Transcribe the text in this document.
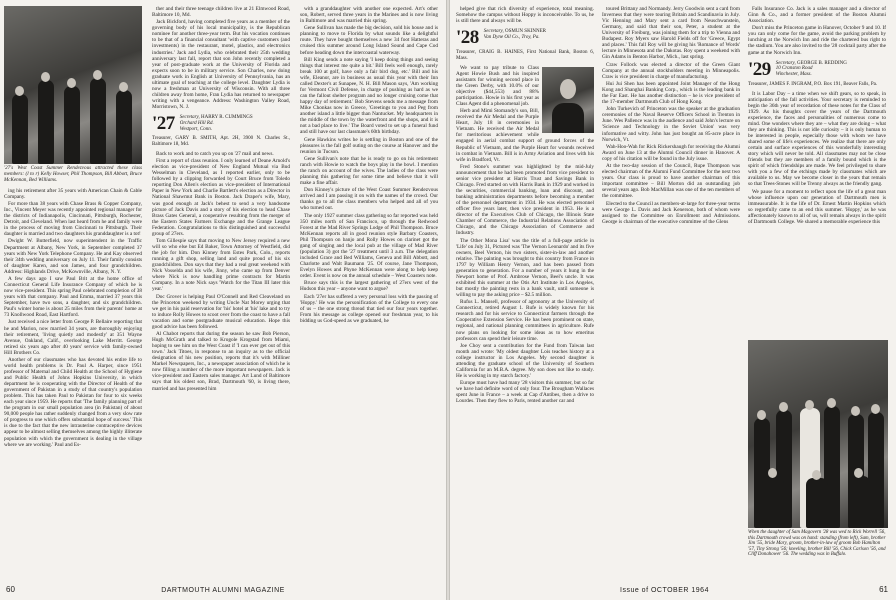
'27's West Coast Summer Rendezvous attracted these class members: (l to r) Kelly Howser, Phil Thompson, Bill Abbott, Bruce McKennan, Bed Williams.

ing his retirement after 35 years with American Chain & Cable Company.

For more than 38 years with Chase Brass & Copper Company, Inc., Vincent Meyer was recently appointed regional manager for the districts of Indianapolis, Cincinnati, Pittsburgh, Rochester, Detroit, and Cleveland. When last heard from he and family were in the process of moving from Cincinnati to Pittsburgh. Their daughter is married and two daughters his granddaughter is a tot!

Dwight W. Butterfield, now superintendent in the Traffic Department at Albany, New York, in September completed 37 years with New York Telephone Company. He and Kay observed their 34th wedding anniversary on July 11. Their family consists of daughter Karen, and son James, and four grandchildren. Address: Highlands Drive, McKownville, Albany, N. Y.

A few days ago I saw Paul Brit at the home office of Connecticut General Life Insurance Company of which he is now vice-president. This spring Paul celebrated completion of 38 years with that company. Paul and Emma, married 37 years this September, have two sons, a daughter, and six grandchildren. Paul's winter home is about 25 miles from their parents' home at 73 Knollwood Road, East Hartford.

Just received a nice letter from George P. Bellaire reporting that he and Marion, now married 34 years, are thoroughly enjoying their retirement, 'living quietly and modestly' at 351 Wayne Avenue, Oakland, Calif., overlooking Lake Merritt. George retired six years ago after 40 years' service with family-owned Hill Brothers Co.

Another of our classmates who has devoted his entire life to world health problems is Dr. Paul A. Harper, since 1951 professor of Maternal and Child Health at the School of Hygiene and Public Health of Johns Hopkins University, in which department he is cooperating with the Director of Health of the government of Pakistan in a study of that country's population problem. This has taken Paul to Pakistan for four to six weeks each year since 1959. He reports that 'The family planning part of the program in our small population area (in Pakistan) of about 90,000 people has rather suddenly changed from a very slow rate of progress to one which offers substantial hope of success.' This is due to the fact that the new intrauterine contraceptive devices appear to be almost selling themselves among the highly illiterate population with which the government is dealing in the village where we are working.' Paul and Es-

ther and their three teenage children live at 21 Elmwood Road, Baltimore 10, Md.

Jack Bickford, having completed five years as a member of the governing body of his local municipality, is the Republican nominee for another three-year term. But his vocation continues to be that of a financial consultant 'with captive customers (and investments) in the restaurant, motel, plastics, and electronics industries.' Jack and Lydia, who celebrated their 25th wedding anniversary last fall, report that son John recently completed a year of post-graduate work at the University of Florida and expects soon to be in military service. Son Charles, now doing graduate work in English at University of Pennsylvania, has an ultimate goal of teaching at the college level. Daughter Lydia is now a freshman at University of Wisconsin. With all three children away from home, Fran Lydia has returned to newspaper writing with a vengeance. Address: Washington Valley Road, Morristown, N. J.

'27 Secretary, HARRY R. CUMMINGS
Orchard Hill Rd.
Westport, Conn.
Treasurer, GARY B. SMITH, Apt. 2H, 3900 N. Charles St., Baltimore 18, Md.

Back to work and to catch you up on '27 mail and news.

First a report of class reunion. I only learned of Deane Arnold's election as vice-president of New England Mutual via Bud Wesselman in Cleveland, as I reported earlier, only to be followed by a clipping forwarded by Court Bruce from Toledo reporting Don Allen's election as vice-president of International Paper in New York and Charlie Bartlett's election as a Director in National Shawmut Bank in Boston. Jack Draper's wife, Mary, was good enough at Jack's behest to send a very handsome picture of Jack Davis and a story of his election to head Chase Brass Gates General, a cooperative resulting from the merger of the Eastern States Farmers Exchange and the Grange League Federation. Congratulations to this distinguished and successful group of 27ers.

Tom Gillespie says that moving to New Jersey required a new will so who else but Ed Baker, Town Attorney of Westfield, did the job for him. Don Kinney from Estes Park, Colo., reports running a gift shop, selling land and quite proud of his six grandchildren. Don says that they had a real great weekend with Nick Vosselda and his wife, Jinny, who came up from Denver where Nick is now handling prime contracts for Martin Company. In a note Nick says 'Watch for the Titan III later this year.'

Doc Grover is helping Paul O'Connell and Red Cleaveland on the Princeton weekend by writing Uncle Nat Morey urging that we get in his paid reservation for 'his' hotel at 'his' lake and to try to induce Rolly Howes to scoot over from the coast to have a fall vacation and some postgraduate musical education. Hope this good advice has been followed.

Al Chabot reports that during the season he saw Bob Pierson, Hugh McGrath and talked to Krogole Krogstad from Miami, hoping to see him on the West Coast if 'I can ever get out of this town.' Jack Titoes, in response to an inquiry as to the official designation of his new position, reports that it's with Milliner Markel Newspapers, Inc., a newspaper association of which he is now filling a number of the more important newspapers. Jack is vice-president and Eastern sales manager. Art Lund of Baltimore says that his oldest son, Brad, Dartmouth '60, is living there, married and has presented him

with a granddaughter with another one expected. Art's other son, Robert, served three years in the Marines and is now living in Baltimore and was married this spring.

Gene Sullivan has made the big decision, sold his house and is planning to move to Florida by what sounds like a delightful route. They have bought themselves a new 34 foot Hatteras and cruised this summer around Long Island Sound and Cape Cod before heading down the intercoastal waterway.

Bill King sends a note saying 'I keep doing things and seeing things that interest me quite a bit.' Bill feels well enough, rarely break 100 at golf, have only a fair bird dog, etc.' Bill and his wife, Eleanor, are in business as usual this year with their Inn called Dexter's at Sunapee, N. H. Bill Mason says, 'Am working for Vermont Civil Defense, in charge of pushing as hard as we can the fallout shelter program and no longer cruising come that happy day of retirement.' Bob Stevens sends me a message from Mike Chonkas now in Greece, 'Greetings to you and Peg from another island a little bigger than Nantucket. My headquarters in the middle of the town by the waterfront and the shops, and it is not a bad place to live.' The Board voted to set up a funeral fund and still have our last classmate's 60th birthday.

Gene Hawkins writes he is settling in Boston and one of the pleasures is the fall golf outing on the course at Hanover and the reunion in Tucson.

Gene Sullivan's note that he is ready to go on his retirement ranch with Howie to watch the boys play in the bowl. I mention the ranch on account of the wives. The ladies of the class were planning this gathering for some time and believe that it will make a fine affair.

Don Kinney's picture of the West Coast Summer Rendezvous arrived and I am passing it on with the names of the crowd. Our thanks go to all the class members who helped and all of you who turned out.

The only 1927 summer class gathering so far reported was held 350 miles north of San Francisco, up through the Redwood Forest at the Mad River Springs Lodge of Phil Thompson. Bruce McKennan reports all in good reunion style Barbary Coasters, Phil Thompson on banjo and Rolly Howes on clarinet got the gang of singing and the local pub at the village of Mad River (population 3) got the '27 treatment until 3 a.m. The delegation included Grace and Bed Williams, Geneva and Bill Abbott, and Charlotte and Walt Baumann '25. Of course, Jane Thompson, Evelyn Howes and Phyne McKennan were along to help keep order. Event is now on the annual schedule – West Coasters note.

Bruce says this is the largest gathering of 27ers west of the Hudson this year – anyone want to argue?

Each '27er has suffered a very personal loss with the passing of 'Hoppy.' He was the personification of the College to every one of us – the one strong thread that tied our four years together. From his message as college opened our freshman year, to his bidding us God-speed as we graduated, he

60	DARTMOUTH ALUMNI MAGAZINE

helped give that rich diversity of experience, total meaning. Somehow the campus without Hoppy is inconceivable. To us, he is still there and always will be.

'28 Secretary, OSMUN SKINNER
Van Dyne Oil Co., Troy, Pa.
Treasurer, CRAIG B. HAINES, First National Bank, Boston 6, Mass.

We want to pay tribute to Class Agent Howie Bush and his inspired assistants for winning second place in the Green Derby, with 10.0% of our objective ($44,553) and 88% participation. Howie in his first year as Class Agent did a phenomenal job.

Herb and Mimi Stomandy's son, Bill, received the Air Medal and the Purple Heart, July 18 in ceremonies in Vietnam. He received the Air Medal for meritorious achievement while engaged in aerial combat support of ground forces of the Republic of Vietnam, and the Purple Heart for wounds received in combat in Vietnam. Bill is in Army Aviation and lives with his wife in Bradford, Vt.

Fred Stone's summer was highlighted by the mid-July announcement that he had been promoted from vice president to senior vice president at Harris Trust and Savings Bank in Chicago. Fred started on with Harris Bank in 1929 and worked in the securities, commercial banking, loan and discount, and banking administration departments before becoming a member of the personnel department in 1934. He was elected personnel officer five years later, then vice president in 1953. He is a director of the Executives Club of Chicago, the Illinois State Chamber of Commerce, the Industrial Relations Association of Chicago, and the Chicago Association of Commerce and Industry.

The Other Mona Lisa' was the title of a full-page article in 'Life' on July 31, Pictured was 'The Vernon Leonardo' and its five owners, Beel Vernon, his two sisters, sister-in-law and another relative. The painting was brought to this country from France in 1797 by William Henry Vernon, and has been passed from generation to generation. For a number of years it hung in the Newport home of Prof. Ambrose Vernon, Beel's uncle. It was exhibited this summer at the Otis Art Institute in Los Angeles, but mostly the painting rests in a bank vault, until someone is willing to pay the asking price – $2.5 million.

Rufus L. Mansell, professor of agronomy at the University of Connecticut, retired August 1. Rufe is widely known for his research and for his service to Connecticut farmers through the Cooperative Extension Service. He has been prominent on state, regional, and national planning committees in agriculture. Rufe now plans on looking for some ideas as to how emeritus professors can spend their leisure time.

Joe Choy sent a contribution for the Fund from Taiwan last month and wrote: 'My oldest daughter Lois teaches history at a college instructor in Los Angeles. My second daughter is attending the graduate school of the University of Southern California for an M.B.A. degree. My son does not like to study. He is working in my starch factory.'

Europe must have had many '28 visitors this summer, but so far we have had definite word of only four. The Brougham Wallaces spent June in France – a week at Cap d'Antibes, then a drive to Lourdes. Then they flew to Paris, rented another car and

toured Brittany and Normandy. Jerry Goodwin sent a card from Inverness that they were touring Britain and Scandinavia in July. Vic Henning and Mary sent a card from Neuschwanstein, Germany, and said that their son, Peter, a student at the University of Freiburg, was joining them for a trip to Vienna and Budapest. Roy Myers saw Harold Fields off for 'Greece, Egypt and places.' This fall Roy will be giving his 'Romance of Words' lecture in Minnesota and the Dakotas. Roy spent a weekend with Gin Adams in Benton Harbor, Mich., last spring.

Craw Follock was elected a director of the Green Giant Company at the annual stockholders meeting in Minneapolis. Craw is vice president in charge of manufacturing.

Hui Jui Shen has been appointed Joint Manager of the Hong Kong and Shanghai Banking Corp., which is the leading bank in the Far East. He has another distinction – he is vice president of the 17-member Dartmouth Club of Hong Kong.

John Turkevich of Princeton was the speaker at the graduation ceremonies of the Naval Reserve Officers School in Trenton in June. Wes Pallence was in the audience and said John's lecture on 'Science and Technology in the Soviet Union' was very informative and witty. John has just bought an 85-acre place in Norwich, Vt.

Wah-Hoo-Wah for Rick Rickershaugh for receiving the Alumni Award on June 13 at the Alumni Council dinner in Hanover. A copy of his citation will be found in the July issue.

At the two-day session of the Council, Rupe Thompson was elected chairman of the Alumni Fund Committee for the next two years. Our class is proud to have another chairman of this important committee – Bill Morton did an outstanding job several years ago. Bob MacMillan was one of the ten members of the committee.

Elected to the Council as members-at-large for three-year terms were George L. Davis and Jack Kenerson, both of whom were assigned to the Committee on Enrollment and Admissions. George is chairman of the executive committee of the Glens

Falls Insurance Co. Jack is a sales manager and a director of Ginn & Co., and a former president of the Boston Alumni Association.

Don't miss the Princeton game in Hanover, October 9 and 10. If you can only come for the game, avoid the parking problem by lunching at the Norwich Inn and ride the chartered bus right to the stadium. You are also invited to the '28 cocktail party after the game at the Norwich Inn.

'29 Secretary, GEORGE B. REDDING
10 Cranston Road
Winchester, Mass.
Treasurer, JAMES F. INGRAM, P.O. Box 191, Beaver Falls, Pa.

It is Labor Day – a time when we shift gears, so to speak, in anticipation of the fall activities. Your secretary is reminded to begin the 36th year of recordation of these notes for the Class of 1929. As his thoughts cover the years of the Dartmouth experience, the faces and personalities of numerous come to mind. One wonders where they are – what they are doing – what they are thinking. This is not idle curiosity – it is only human to be interested in people, especially those with whom we have shared some of life's experiences. We realize that there are only certain and surface experiences of this wonderfully interesting story which will never be told. All classmates may not be close friends but they are members of a family bound which is the spirit of which friendships are made. We feel privileged to share with you a few of the etchings made by classmates which are available to us. May we become closer in the years that remain so that Trees-Stones will be Trenny always as the friendly gang.

We pause for a moment to reflect upon the life of a great man whose influence upon our generation of Dartmouth men is immeasurable. It is the life of Dr. Ernest Martin Hopkins which so regretfully came to an end this summer. 'Hoppy,' as he was affectionately known to all of us, will remain always in the spirit of Dartmouth College. We shared a memorable experience this

When the daughter of Sam Magovern '28 was wed to Rick Worrell '56, this Dartmouth crowd was on hand: standing (from left), Sam, brother Jim '55, bride Mary, groom, brother-in-law of groom Bob Hamilton '57, Tiny Strong '56; kneeling, brother Bill '56, Chick Carlson '56, and Cliff Donahower '56. The wedding was in Buffalo.
Issue of OCTOBER 1964	61
